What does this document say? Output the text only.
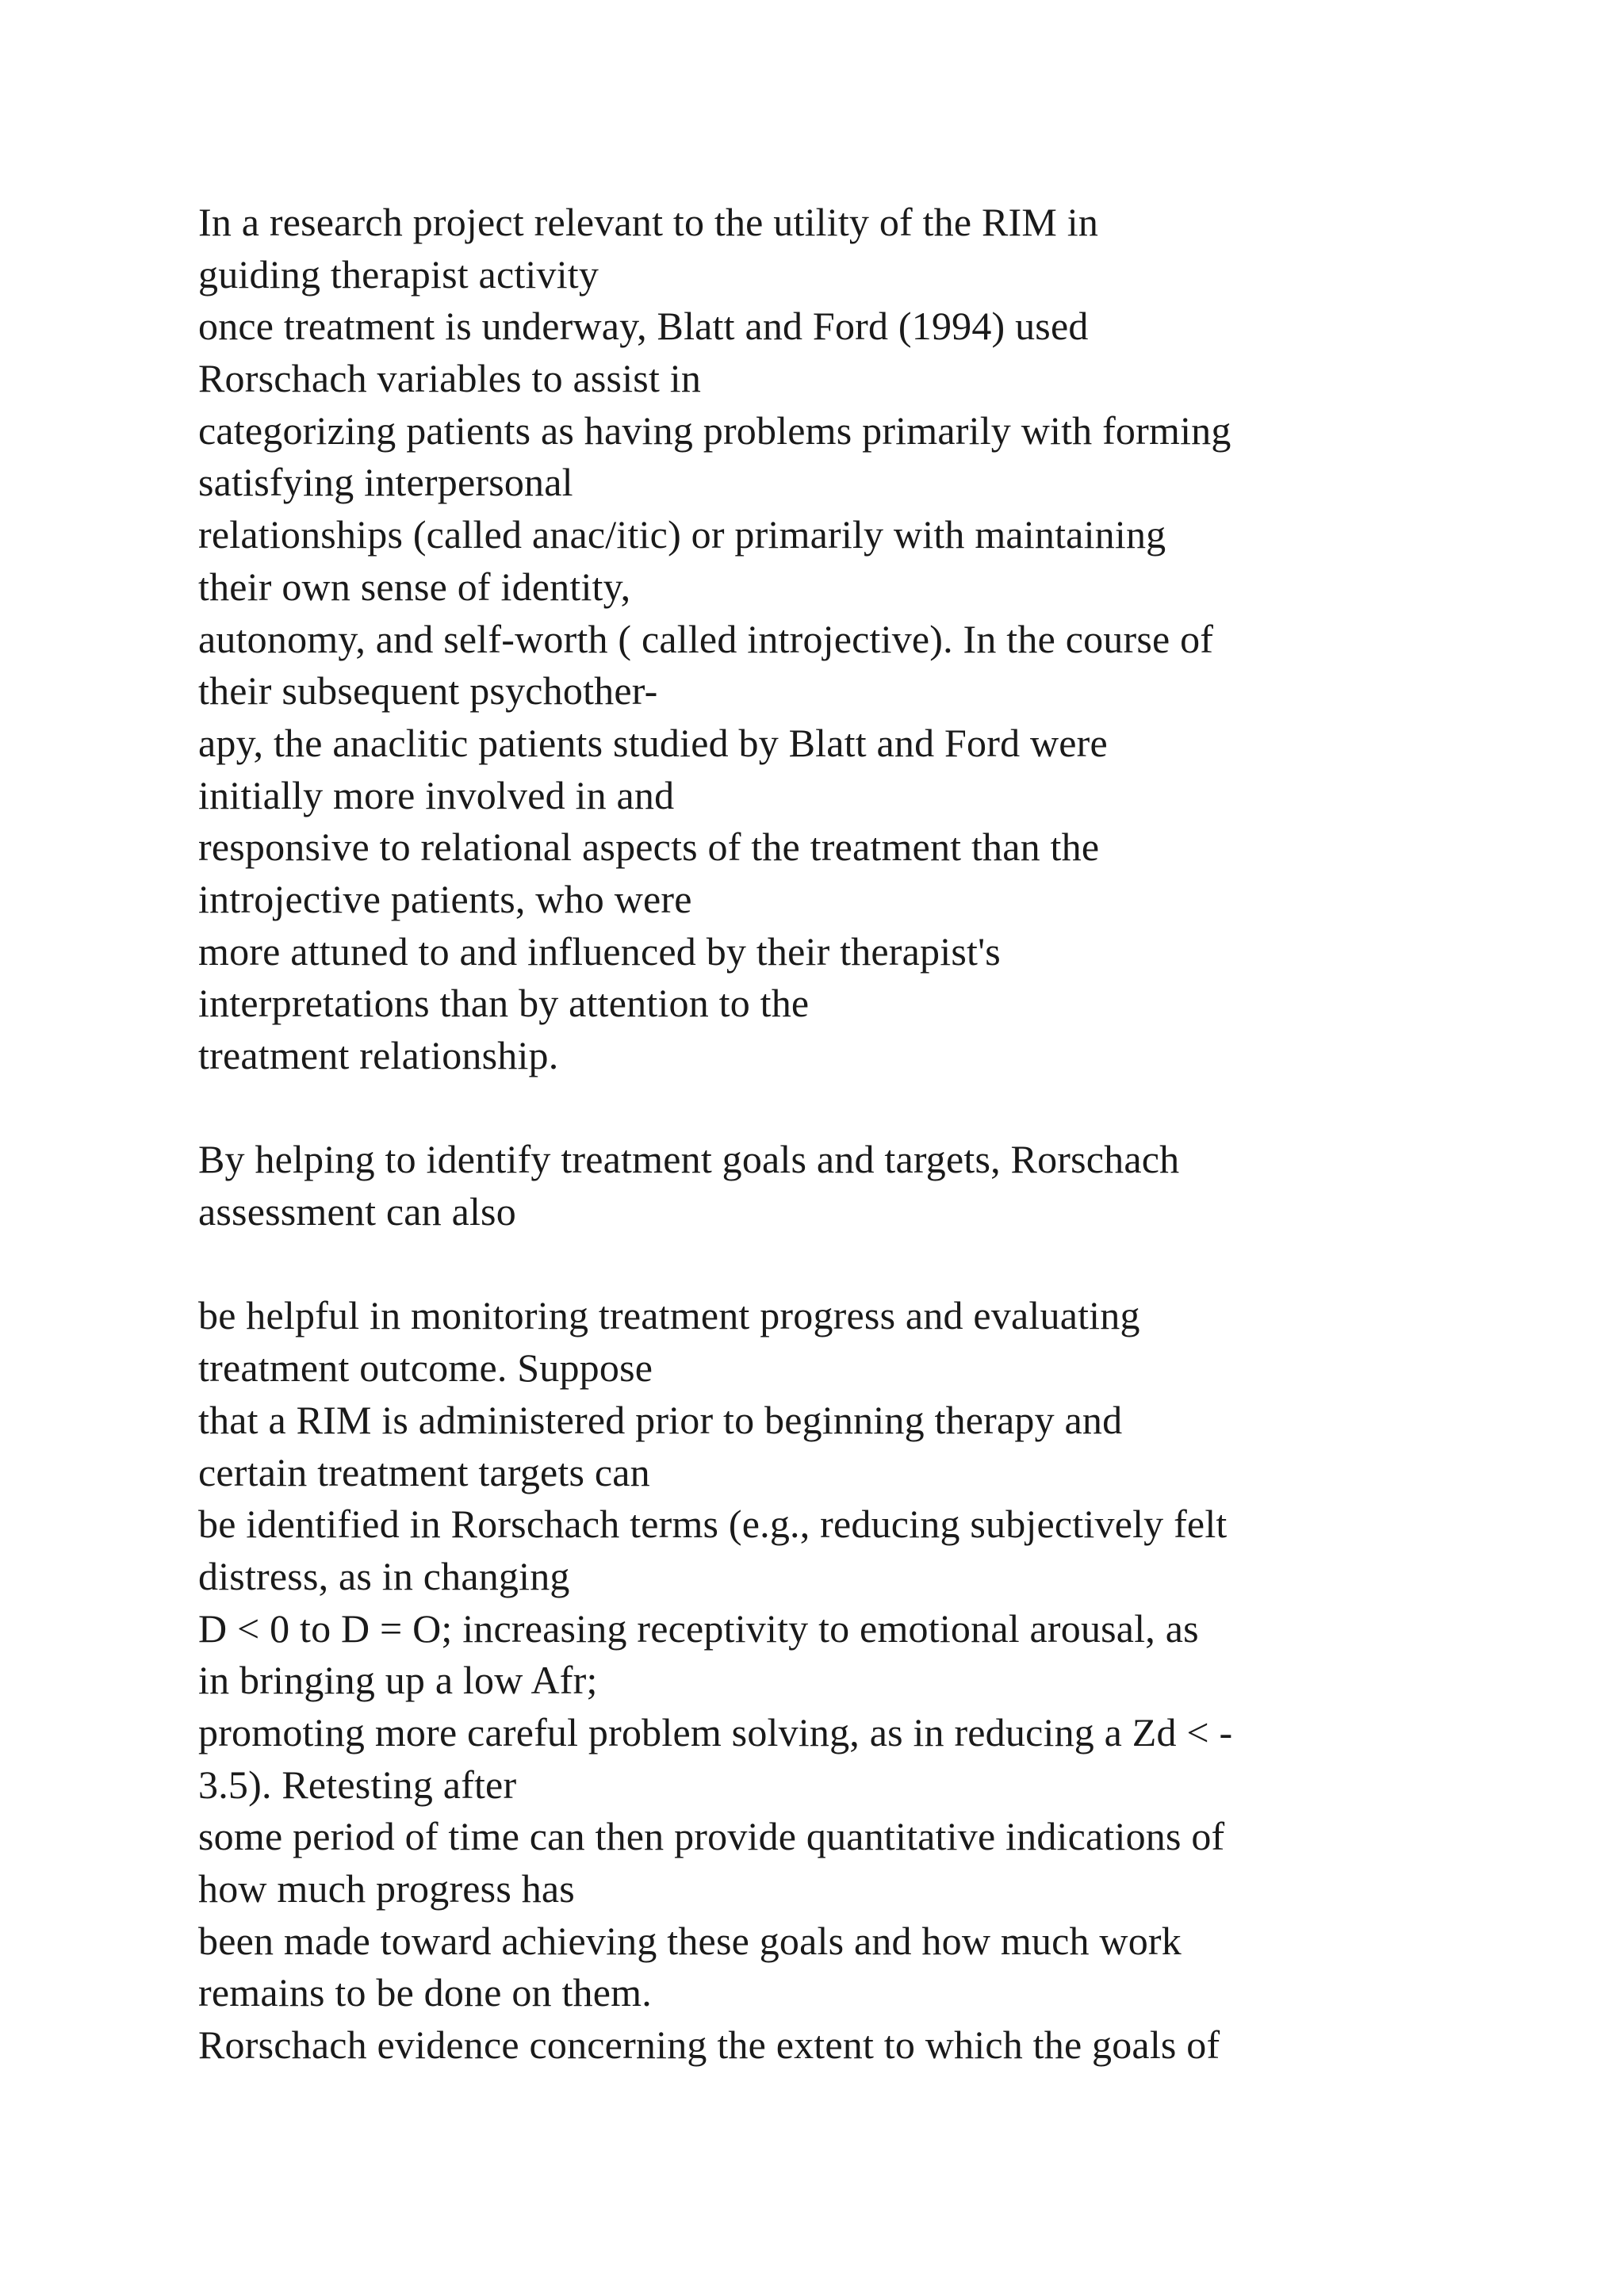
In a research project relevant to the utility of the RIM in
guiding therapist activity
once treatment is underway, Blatt and Ford (1994) used
Rorschach variables to assist in
categorizing patients as having problems primarily with forming
satisfying interpersonal
relationships (called anac/itic) or primarily with maintaining
their own sense of identity,
autonomy, and self-worth ( called introjective). In the course of
their subsequent psychother-
apy, the anaclitic patients studied by Blatt and Ford were
initially more involved in and
responsive to relational aspects of the treatment than the
introjective patients, who were
more attuned to and influenced by their therapist's
interpretations than by attention to the
treatment relationship.
By helping to identify treatment goals and targets, Rorschach
assessment can also
be helpful in monitoring treatment progress and evaluating
treatment outcome. Suppose
that a RIM is administered prior to beginning therapy and
certain treatment targets can
be identified in Rorschach terms (e.g., reducing subjectively felt
distress, as in changing
D < 0 to D = O; increasing receptivity to emotional arousal, as
in bringing up a low Afr;
promoting more careful problem solving, as in reducing a Zd < -
3.5). Retesting after
some period of time can then provide quantitative indications of
how much progress has
been made toward achieving these goals and how much work
remains to be done on them.
Rorschach evidence concerning the extent to which the goals of
